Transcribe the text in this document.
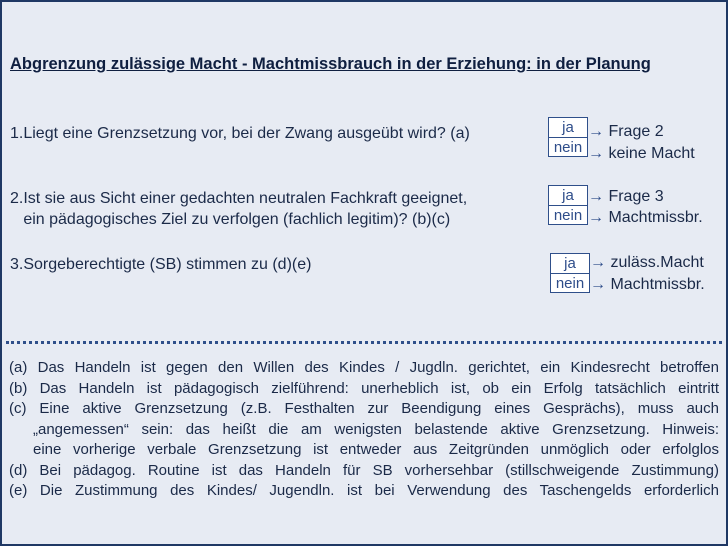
Abgrenzung zulässige Macht - Machtmissbrauch in der Erziehung: in der Planung
1.Liegt eine Grenzsetzung vor, bei der Zwang ausgeübt wird? (a)	ja
nein
→ Frage 2
→ keine Macht
2.Ist sie aus Sicht einer gedachten neutralen Fachkraft geeignet,
ein pädagogisches Ziel zu verfolgen (fachlich legitim)? (b)(c)
ja
nein
→ Frage 3
→ Machtmissbr.
3.Sorgeberechtigte (SB) stimmen zu (d)(e)	ja
nein
→ zuläss.Macht
→ Machtmissbr.
(a) Das Handeln ist gegen den Willen des Kindes / Jugdln. gerichtet, ein Kindesrecht betroffen
(b) Das Handeln ist pädagogisch zielführend: unerheblich ist, ob ein Erfolg tatsächlich eintritt
(c) Eine aktive Grenzsetzung (z.B. Festhalten zur Beendigung eines Gesprächs), muss auch
„angemessen“ sein: das heißt die am wenigsten belastende aktive Grenzsetzung. Hinweis:
eine vorherige verbale Grenzsetzung ist entweder aus Zeitgründen unmöglich oder erfolglos
(d) Bei pädagog. Routine ist das Handeln für SB vorhersehbar (stillschweigende Zustimmung)
(e) Die Zustimmung des Kindes/ Jugendln. ist bei Verwendung des Taschengelds erforderlich
